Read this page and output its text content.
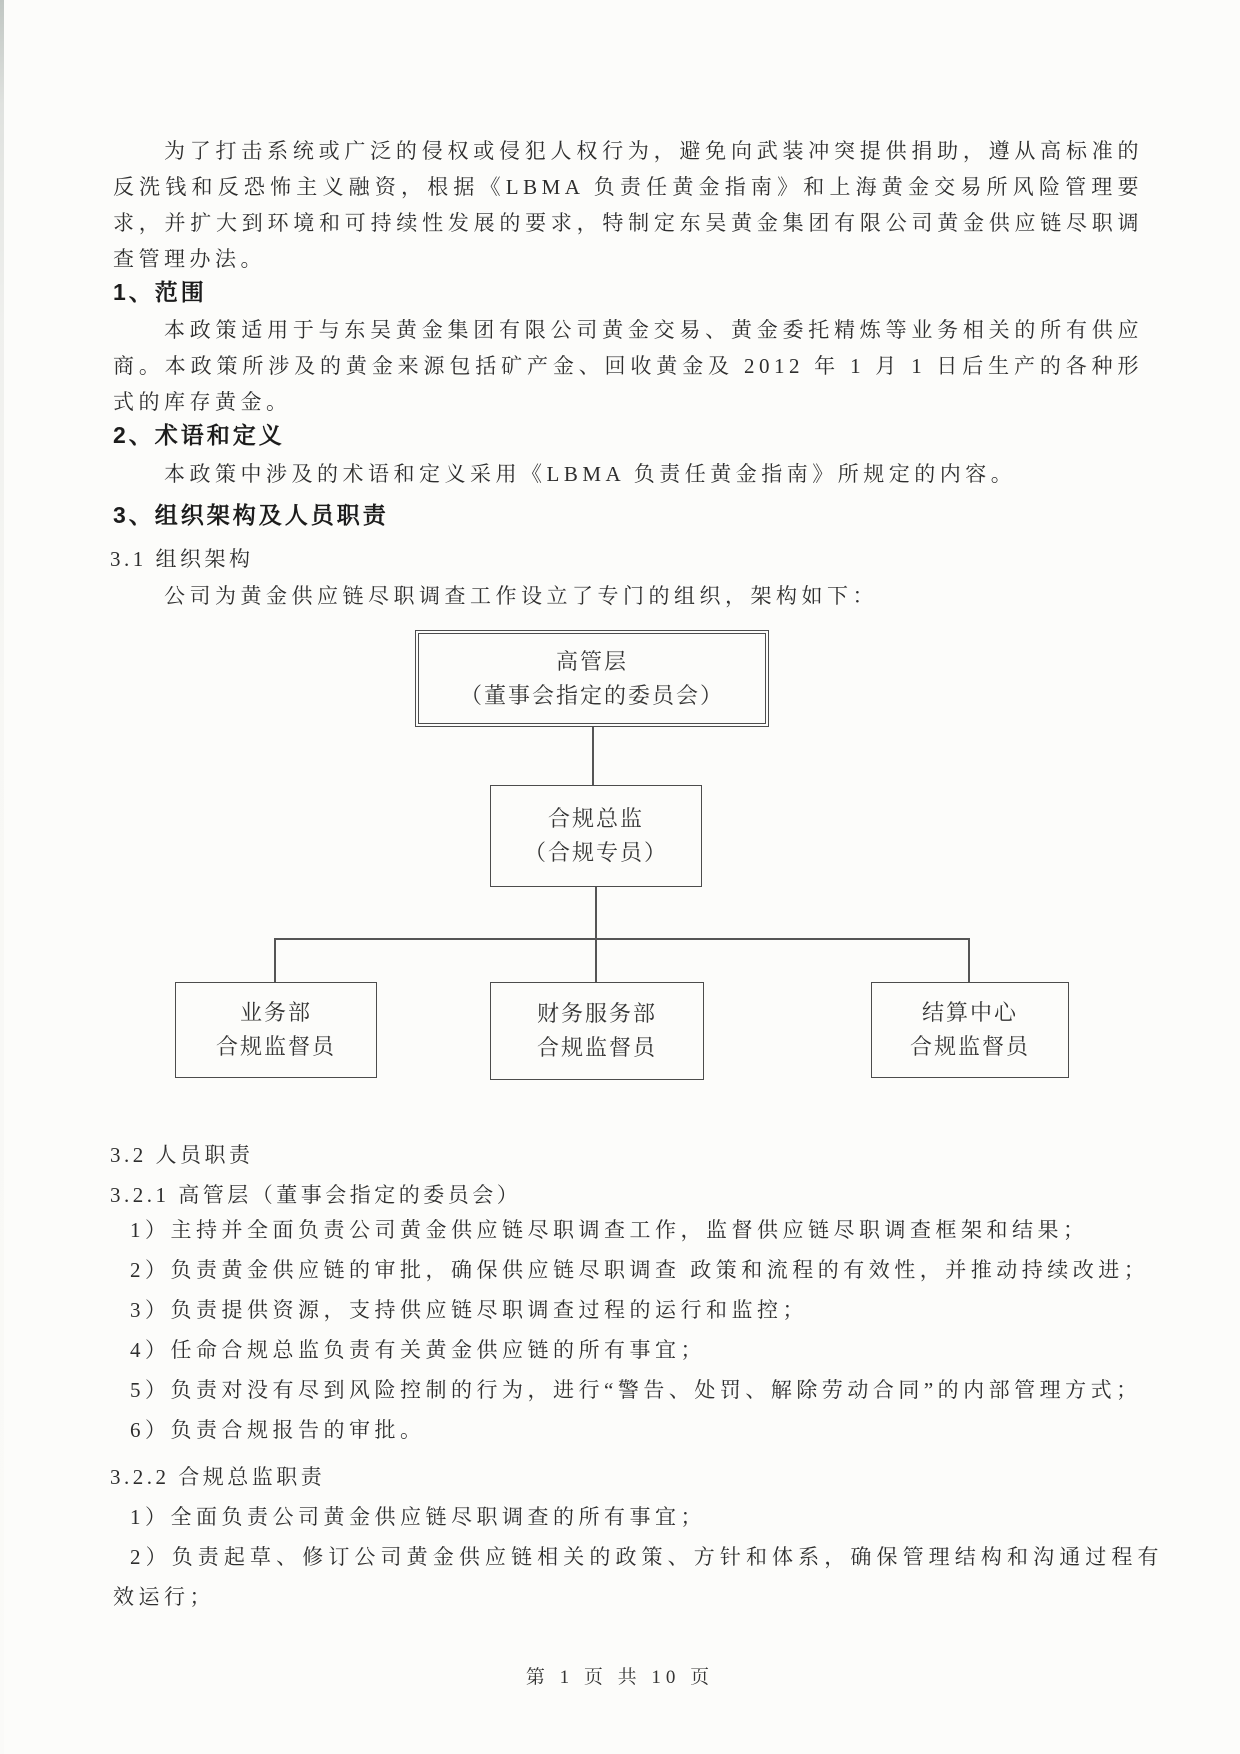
为了打击系统或广泛的侵权或侵犯人权行为，避免向武装冲突提供捐助，遵从高标准的反洗钱和反恐怖主义融资，根据《LBMA 负责任黄金指南》和上海黄金交易所风险管理要求，并扩大到环境和可持续性发展的要求，特制定东吴黄金集团有限公司黄金供应链尽职调查管理办法。
1、范围
本政策适用于与东吴黄金集团有限公司黄金交易、黄金委托精炼等业务相关的所有供应商。本政策所涉及的黄金来源包括矿产金、回收黄金及 2012 年 1 月 1 日后生产的各种形式的库存黄金。
2、术语和定义
本政策中涉及的术语和定义采用《LBMA 负责任黄金指南》所规定的内容。
3、组织架构及人员职责
3.1 组织架构
公司为黄金供应链尽职调查工作设立了专门的组织，架构如下：
高管层
（董事会指定的委员会）
合规总监
（合规专员）
业务部
合规监督员
财务服务部
合规监督员
结算中心
合规监督员
3.2 人员职责
3.2.1 高管层（董事会指定的委员会）
1）主持并全面负责公司黄金供应链尽职调查工作，监督供应链尽职调查框架和结果；
2）负责黄金供应链的审批，确保供应链尽职调查 政策和流程的有效性，并推动持续改进；
3）负责提供资源，支持供应链尽职调查过程的运行和监控；
4）任命合规总监负责有关黄金供应链的所有事宜；
5）负责对没有尽到风险控制的行为，进行“警告、处罚、解除劳动合同”的内部管理方式；
6）负责合规报告的审批。
3.2.2 合规总监职责
1）全面负责公司黄金供应链尽职调查的所有事宜；
2）负责起草、修订公司黄金供应链相关的政策、方针和体系，确保管理结构和沟通过程有效运行；
第 1 页 共 10 页
